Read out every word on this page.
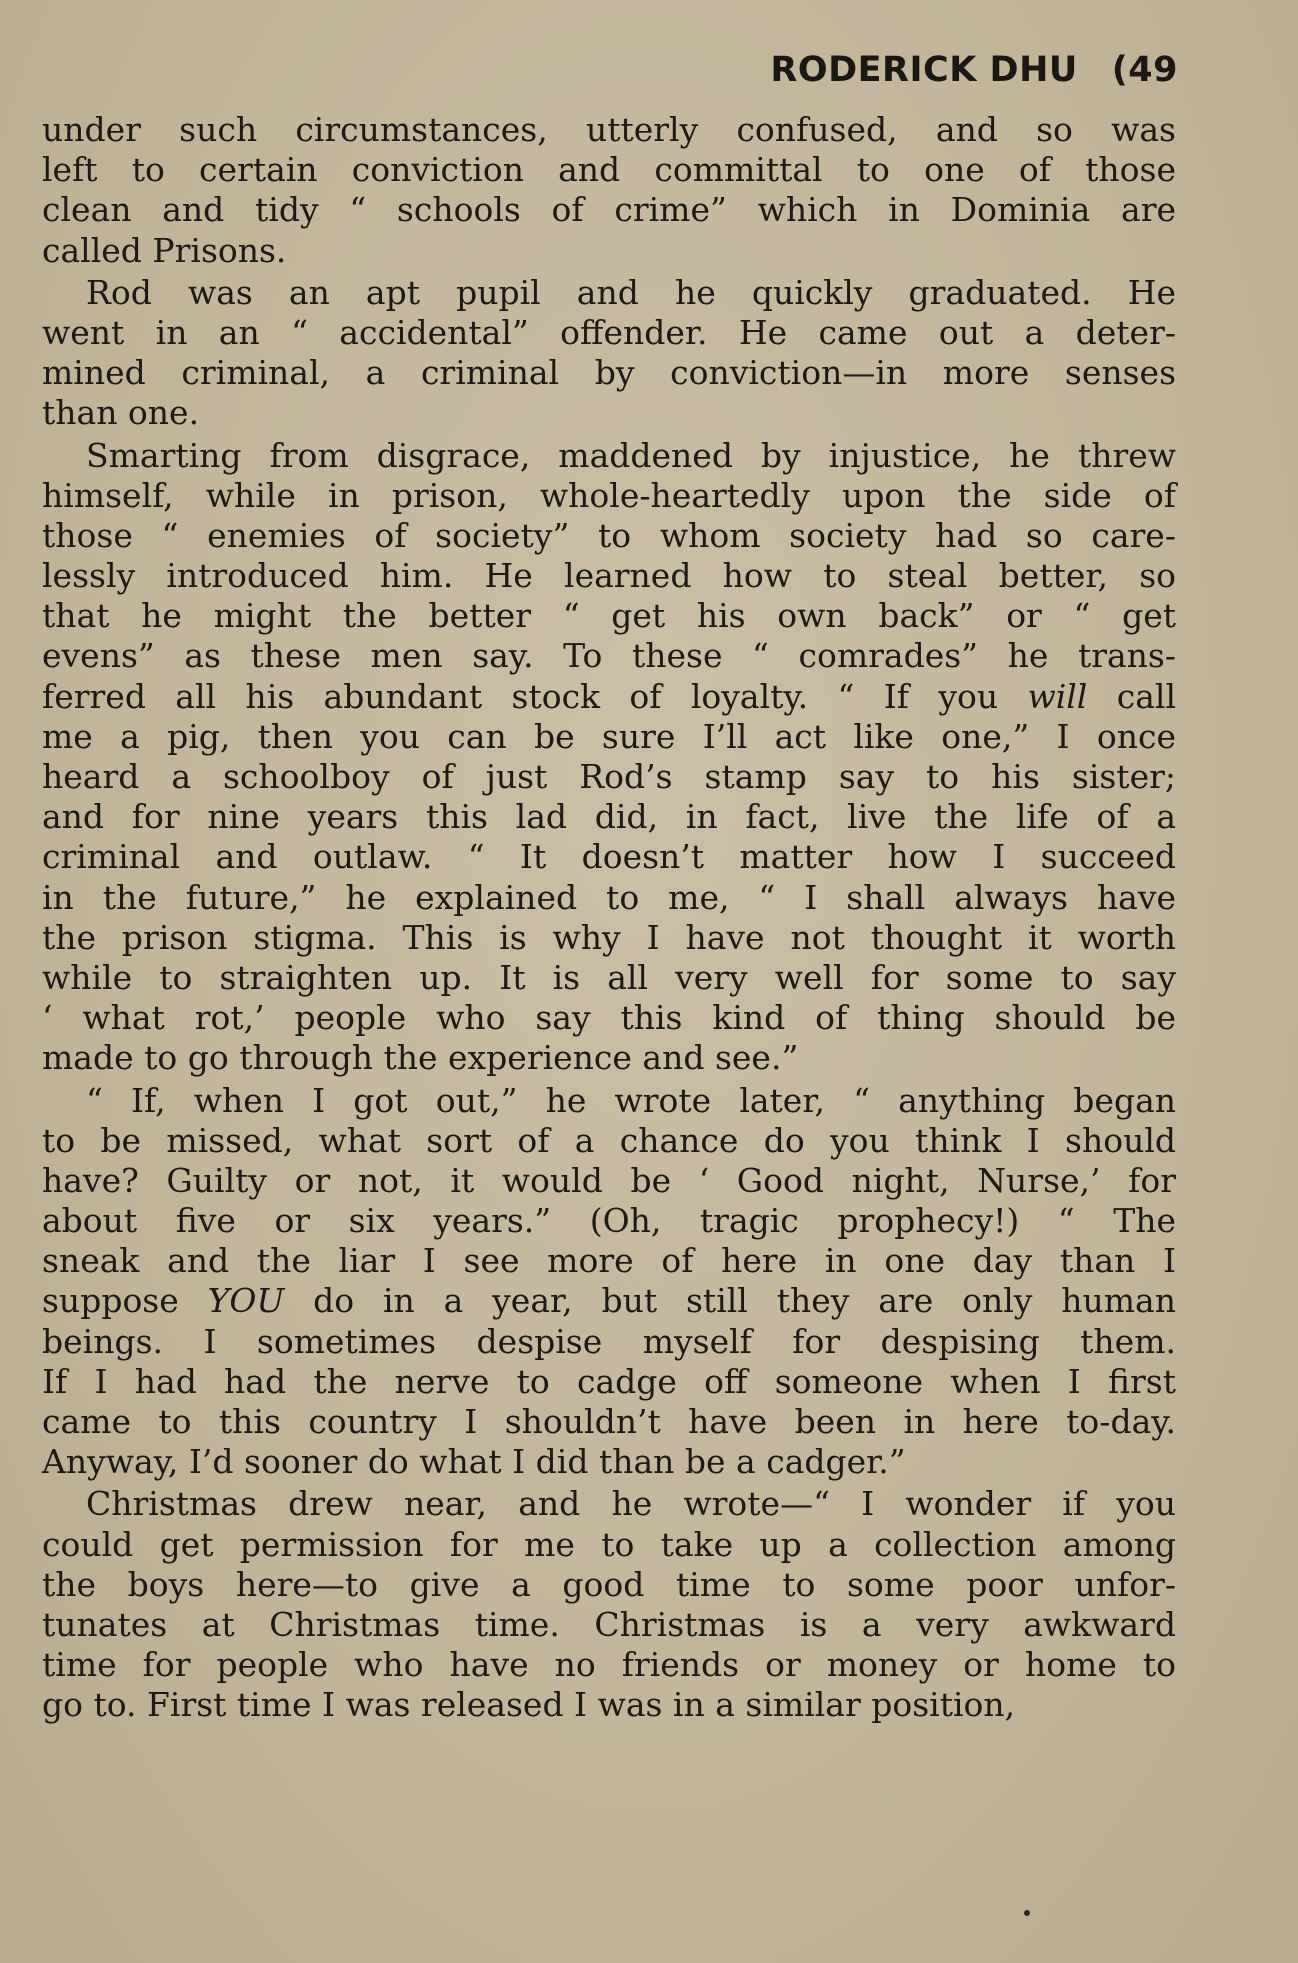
RODERICK DHU (49
under such circumstances, utterly confused, and so was
left to certain conviction and committal to one of those
clean and tidy “ schools of crime” which in Dominia are
called Prisons.
Rod was an apt pupil and he quickly graduated. He
went in an “ accidental” offender. He came out a deter-
mined criminal, a criminal by conviction—in more senses
than one.
Smarting from disgrace, maddened by injustice, he threw
himself, while in prison, whole-heartedly upon the side of
those “ enemies of society” to whom society had so care-
lessly introduced him. He learned how to steal better, so
that he might the better “ get his own back” or “ get
evens” as these men say. To these “ comrades” he trans-
ferred all his abundant stock of loyalty. “ If you will call
me a pig, then you can be sure I’ll act like one,” I once
heard a schoolboy of just Rod’s stamp say to his sister;
and for nine years this lad did, in fact, live the life of a
criminal and outlaw. “ It doesn’t matter how I succeed
in the future,” he explained to me, “ I shall always have
the prison stigma. This is why I have not thought it worth
while to straighten up. It is all very well for some to say
‘ what rot,’ people who say this kind of thing should be
made to go through the experience and see.”
“ If, when I got out,” he wrote later, “ anything began
to be missed, what sort of a chance do you think I should
have? Guilty or not, it would be ‘ Good night, Nurse,’ for
about five or six years.” (Oh, tragic prophecy!) “ The
sneak and the liar I see more of here in one day than I
suppose YOU do in a year, but still they are only human
beings. I sometimes despise myself for despising them.
If I had had the nerve to cadge off someone when I first
came to this country I shouldn’t have been in here to-day.
Anyway, I’d sooner do what I did than be a cadger.”
Christmas drew near, and he wrote—“ I wonder if you
could get permission for me to take up a collection among
the boys here—to give a good time to some poor unfor-
tunates at Christmas time. Christmas is a very awkward
time for people who have no friends or money or home to
go to. First time I was released I was in a similar position,
